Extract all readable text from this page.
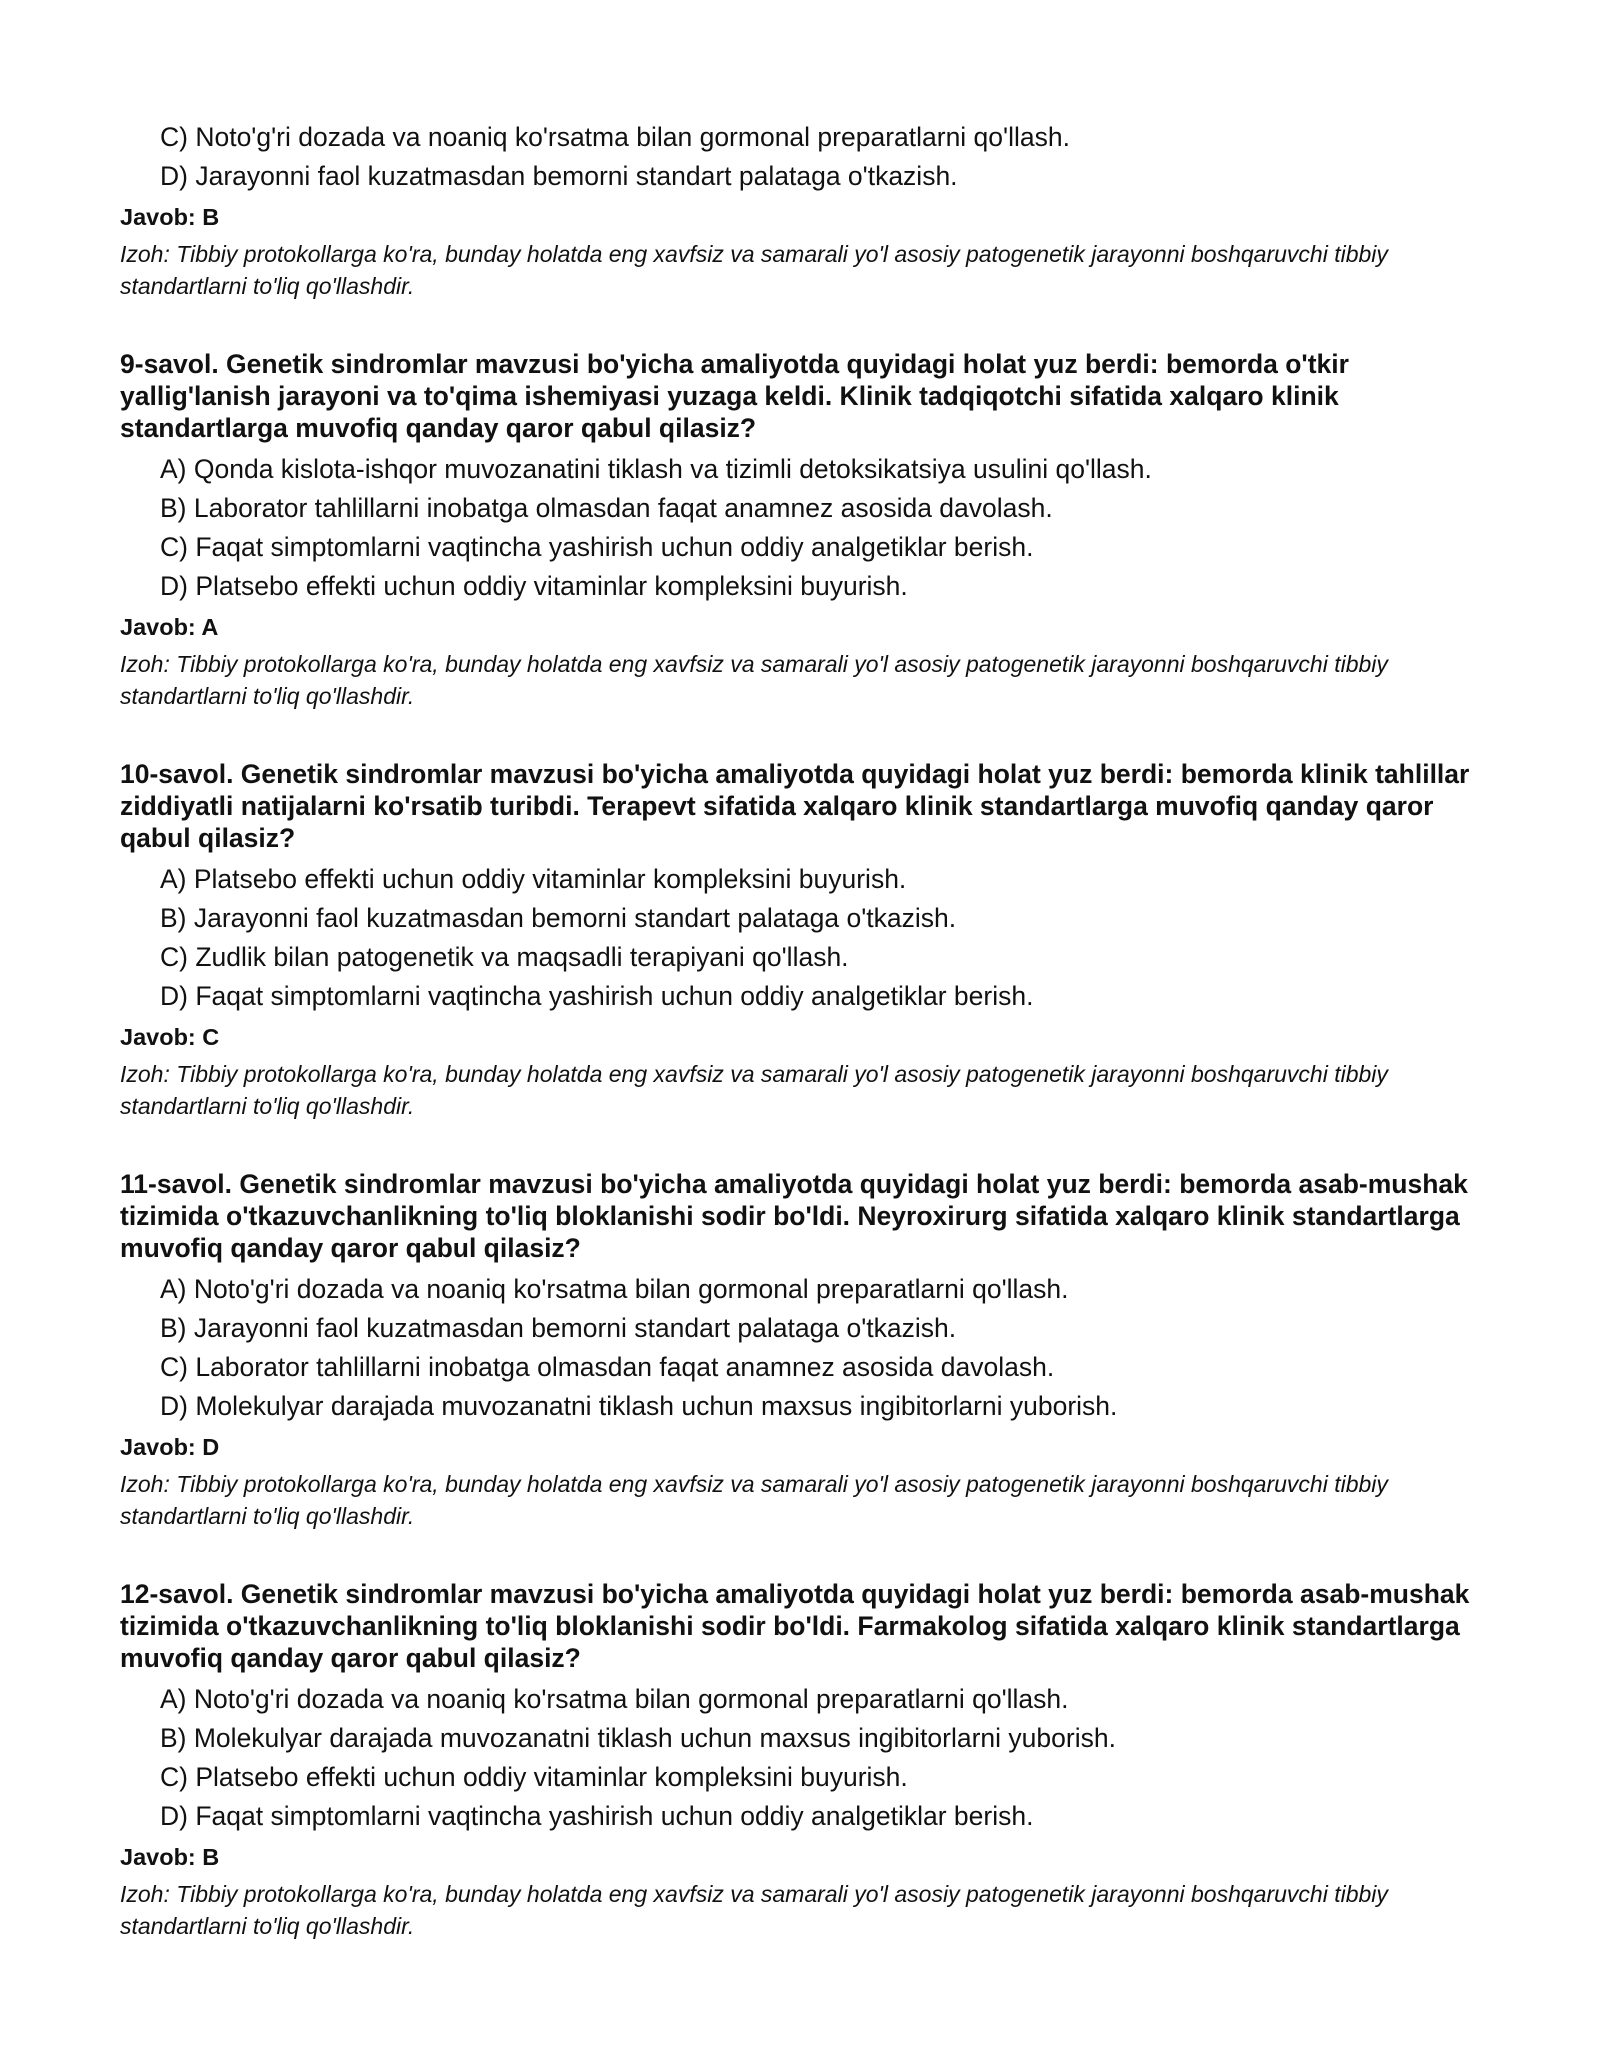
C) Noto'g'ri dozada va noaniq ko'rsatma bilan gormonal preparatlarni qo'llash.
D) Jarayonni faol kuzatmasdan bemorni standart palataga o'tkazish.
Javob: B
Izoh: Tibbiy protokollarga ko'ra, bunday holatda eng xavfsiz va samarali yo'l asosiy patogenetik jarayonni boshqaruvchi tibbiy standartlarni to'liq qo'llashdir.
9-savol. Genetik sindromlar mavzusi bo'yicha amaliyotda quyidagi holat yuz berdi: bemorda o'tkir yallig'lanish jarayoni va to'qima ishemiyasi yuzaga keldi. Klinik tadqiqotchi sifatida xalqaro klinik standartlarga muvofiq qanday qaror qabul qilasiz?
A) Qonda kislota-ishqor muvozanatini tiklash va tizimli detoksikatsiya usulini qo'llash.
B) Laborator tahlillarni inobatga olmasdan faqat anamnez asosida davolash.
C) Faqat simptomlarni vaqtincha yashirish uchun oddiy analgetiklar berish.
D) Platsebo effekti uchun oddiy vitaminlar kompleksini buyurish.
Javob: A
Izoh: Tibbiy protokollarga ko'ra, bunday holatda eng xavfsiz va samarali yo'l asosiy patogenetik jarayonni boshqaruvchi tibbiy standartlarni to'liq qo'llashdir.
10-savol. Genetik sindromlar mavzusi bo'yicha amaliyotda quyidagi holat yuz berdi: bemorda klinik tahlillar ziddiyatli natijalarni ko'rsatib turibdi. Terapevt sifatida xalqaro klinik standartlarga muvofiq qanday qaror qabul qilasiz?
A) Platsebo effekti uchun oddiy vitaminlar kompleksini buyurish.
B) Jarayonni faol kuzatmasdan bemorni standart palataga o'tkazish.
C) Zudlik bilan patogenetik va maqsadli terapiyani qo'llash.
D) Faqat simptomlarni vaqtincha yashirish uchun oddiy analgetiklar berish.
Javob: C
Izoh: Tibbiy protokollarga ko'ra, bunday holatda eng xavfsiz va samarali yo'l asosiy patogenetik jarayonni boshqaruvchi tibbiy standartlarni to'liq qo'llashdir.
11-savol. Genetik sindromlar mavzusi bo'yicha amaliyotda quyidagi holat yuz berdi: bemorda asab-mushak tizimida o'tkazuvchanlikning to'liq bloklanishi sodir bo'ldi. Neyroxirurg sifatida xalqaro klinik standartlarga muvofiq qanday qaror qabul qilasiz?
A) Noto'g'ri dozada va noaniq ko'rsatma bilan gormonal preparatlarni qo'llash.
B) Jarayonni faol kuzatmasdan bemorni standart palataga o'tkazish.
C) Laborator tahlillarni inobatga olmasdan faqat anamnez asosida davolash.
D) Molekulyar darajada muvozanatni tiklash uchun maxsus ingibitorlarni yuborish.
Javob: D
Izoh: Tibbiy protokollarga ko'ra, bunday holatda eng xavfsiz va samarali yo'l asosiy patogenetik jarayonni boshqaruvchi tibbiy standartlarni to'liq qo'llashdir.
12-savol. Genetik sindromlar mavzusi bo'yicha amaliyotda quyidagi holat yuz berdi: bemorda asab-mushak tizimida o'tkazuvchanlikning to'liq bloklanishi sodir bo'ldi. Farmakolog sifatida xalqaro klinik standartlarga muvofiq qanday qaror qabul qilasiz?
A) Noto'g'ri dozada va noaniq ko'rsatma bilan gormonal preparatlarni qo'llash.
B) Molekulyar darajada muvozanatni tiklash uchun maxsus ingibitorlarni yuborish.
C) Platsebo effekti uchun oddiy vitaminlar kompleksini buyurish.
D) Faqat simptomlarni vaqtincha yashirish uchun oddiy analgetiklar berish.
Javob: B
Izoh: Tibbiy protokollarga ko'ra, bunday holatda eng xavfsiz va samarali yo'l asosiy patogenetik jarayonni boshqaruvchi tibbiy standartlarni to'liq qo'llashdir.
